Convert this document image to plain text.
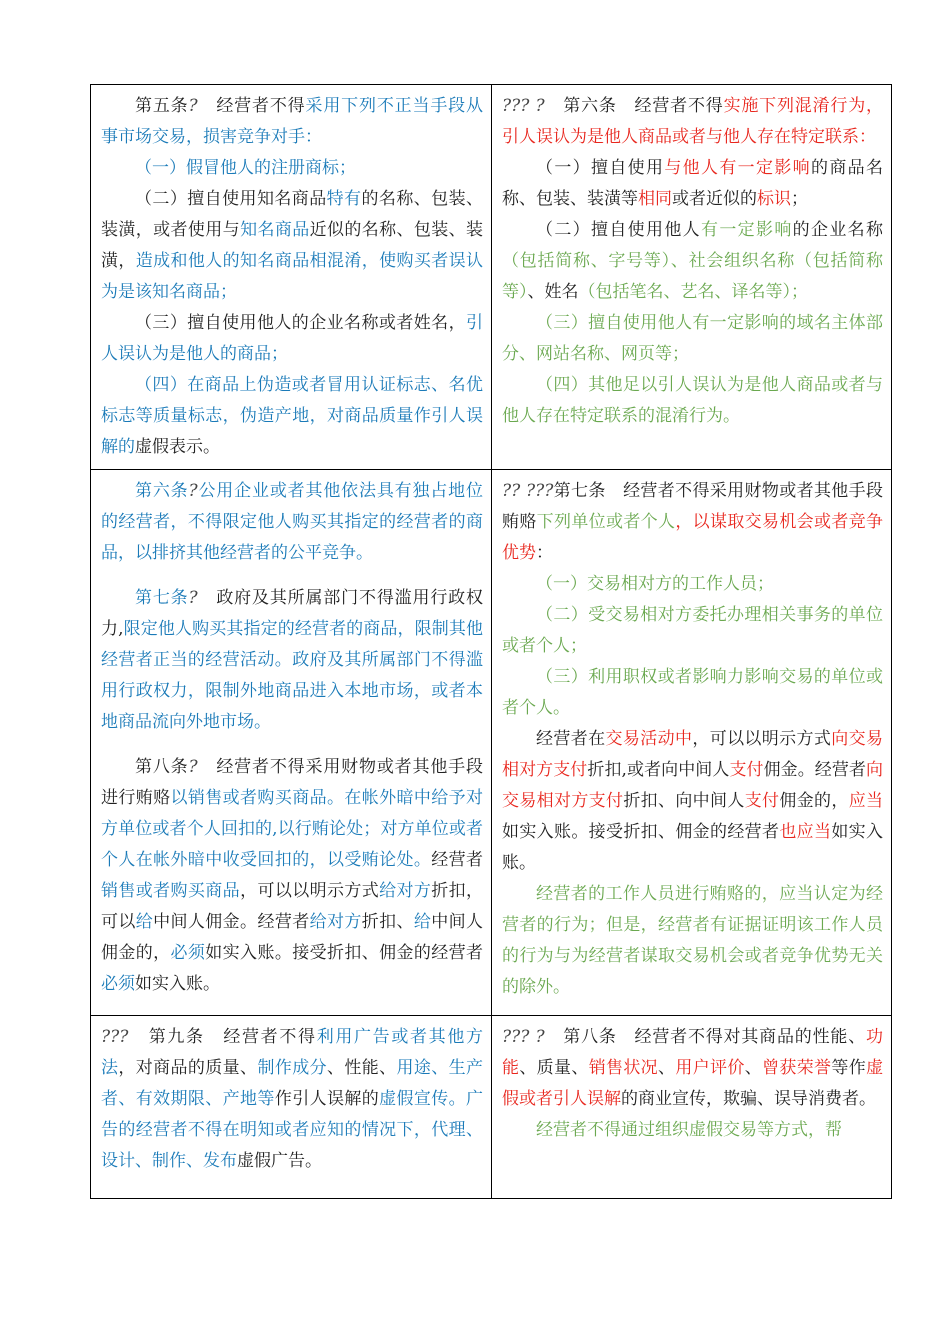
第五条?　 经营者不得采用下列不正当手段从事市场交易，损害竞争对手：

（一）假冒他人的注册商标；

（二）擅自使用知名商品特有的名称、包装、装潢，或者使用与知名商品近似的名称、包装、装潢，造成和他人的知名商品相混淆，使购买者误认为是该知名商品；

（三）擅自使用他人的企业名称或者姓名，引人误认为是他人的商品；

（四）在商品上伪造或者冒用认证标志、名优标志等质量标志，伪造产地，对商品质量作引人误解的虚假表示。

??? ?　 第六条　经营者不得实施下列混淆行为，引人误认为是他人商品或者与他人存在特定联系：

（一）擅自使用与他人有一定影响的商品名称、包装、装潢等相同或者近似的标识；

（二）擅自使用他人有一定影响的企业名称（包括简称、字号等）、社会组织名称（包括简称等）、姓名（包括笔名、艺名、译名等）；

（三）擅自使用他人有一定影响的域名主体部分、网站名称、网页等；

（四）其他足以引人误认为是他人商品或者与他人存在特定联系的混淆行为。

第六条?公用企业或者其他依法具有独占地位的经营者，不得限定他人购买其指定的经营者的商品，以排挤其他经营者的公平竞争。

第七条?　 政府及其所属部门不得滥用行政权力,限定他人购买其指定的经营者的商品，限制其他经营者正当的经营活动。政府及其所属部门不得滥用行政权力，限制外地商品进入本地市场，或者本地商品流向外地市场。

第八条?　 经营者不得采用财物或者其他手段进行贿赂以销售或者购买商品。在帐外暗中给予对方单位或者个人回扣的,以行贿论处；对方单位或者个人在帐外暗中收受回扣的，以受贿论处。经营者销售或者购买商品，可以以明示方式给对方折扣，可以给中间人佣金。经营者给对方折扣、给中间人佣金的，必须如实入账。接受折扣、佣金的经营者必须如实入账。

?? ???第七条　经营者不得采用财物或者其他手段贿赂下列单位或者个人，以谋取交易机会或者竞争优势：

（一）交易相对方的工作人员；

（二）受交易相对方委托办理相关事务的单位或者个人；

（三）利用职权或者影响力影响交易的单位或者个人。

经营者在交易活动中，可以以明示方式向交易相对方支付折扣,或者向中间人支付佣金。经营者向交易相对方支付折扣、向中间人支付佣金的，应当如实入账。接受折扣、佣金的经营者也应当如实入账。

经营者的工作人员进行贿赂的，应当认定为经营者的行为；但是，经营者有证据证明该工作人员的行为与为经营者谋取交易机会或者竞争优势无关的除外。

???　 第九条　经营者不得利用广告或者其他方法，对商品的质量、制作成分、性能、用途、生产者、有效期限、产地等作引人误解的虚假宣传。广告的经营者不得在明知或者应知的情况下，代理、设计、制作、发布虚假广告。

??? ?　 第八条　经营者不得对其商品的性能、功能、质量、销售状况、用户评价、曾获荣誉等作虚假或者引人误解的商业宣传，欺骗、误导消费者。

经营者不得通过组织虚假交易等方式，帮
